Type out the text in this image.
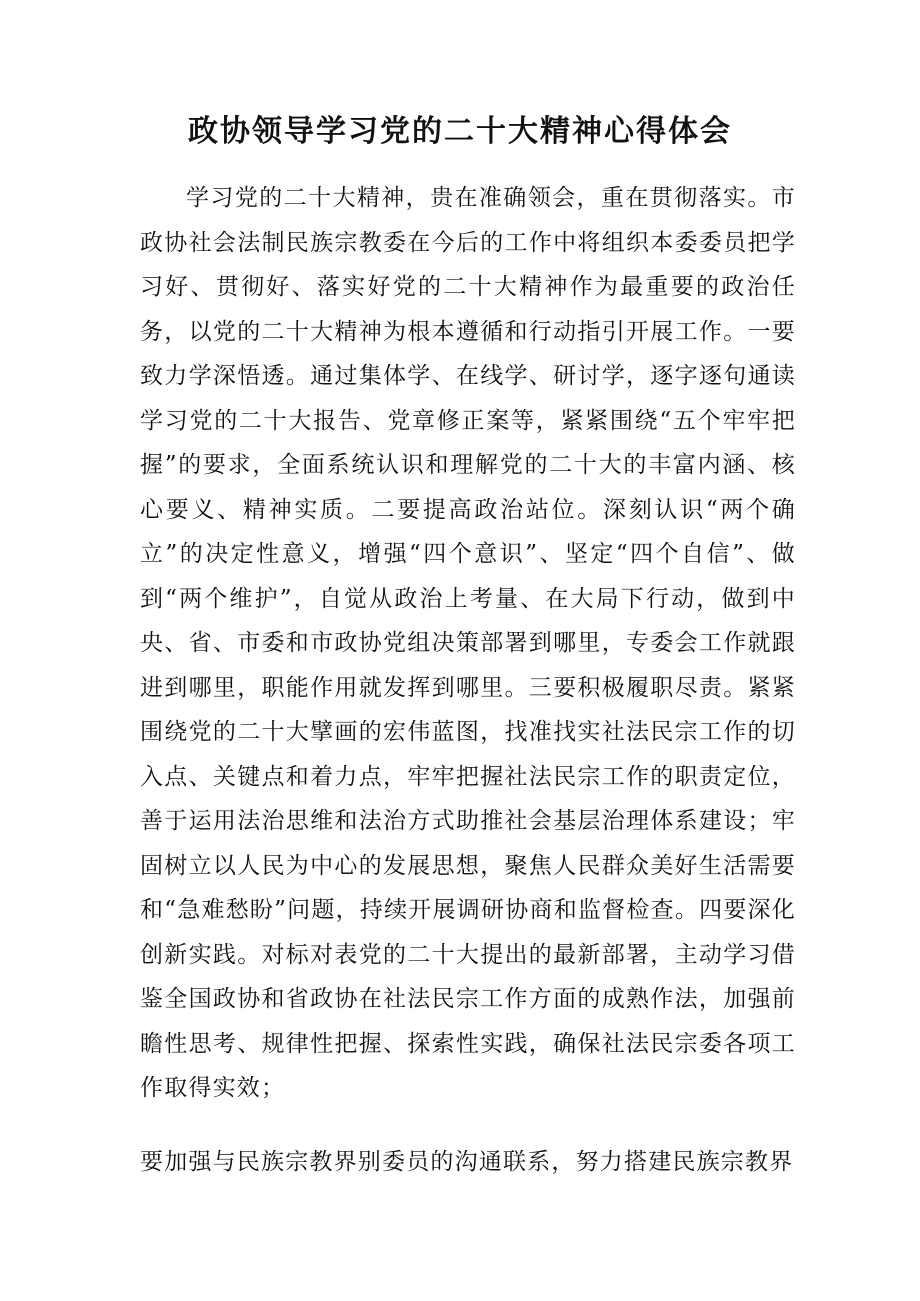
政协领导学习党的二十大精神心得体会

学习党的二十大精神，贵在准确领会，重在贯彻落实。市政协社会法制民族宗教委在今后的工作中将组织本委委员把学习好、贯彻好、落实好党的二十大精神作为最重要的政治任务，以党的二十大精神为根本遵循和行动指引开展工作。一要致力学深悟透。通过集体学、在线学、研讨学，逐字逐句通读学习党的二十大报告、党章修正案等，紧紧围绕“五个牢牢把握”的要求，全面系统认识和理解党的二十大的丰富内涵、核心要义、精神实质。二要提高政治站位。深刻认识“两个确立”的决定性意义，增强“四个意识”、坚定“四个自信”、做到“两个维护”，自觉从政治上考量、在大局下行动，做到中央、省、市委和市政协党组决策部署到哪里，专委会工作就跟进到哪里，职能作用就发挥到哪里。三要积极履职尽责。紧紧围绕党的二十大擘画的宏伟蓝图，找准找实社法民宗工作的切入点、关键点和着力点，牢牢把握社法民宗工作的职责定位，善于运用法治思维和法治方式助推社会基层治理体系建设；牢固树立以人民为中心的发展思想，聚焦人民群众美好生活需要和“急难愁盼”问题，持续开展调研协商和监督检查。四要深化创新实践。对标对表党的二十大提出的最新部署，主动学习借鉴全国政协和省政协在社法民宗工作方面的成熟作法，加强前瞻性思考、规律性把握、探索性实践，确保社法民宗委各项工作取得实效；

要加强与民族宗教界别委员的沟通联系，努力搭建民族宗教界
